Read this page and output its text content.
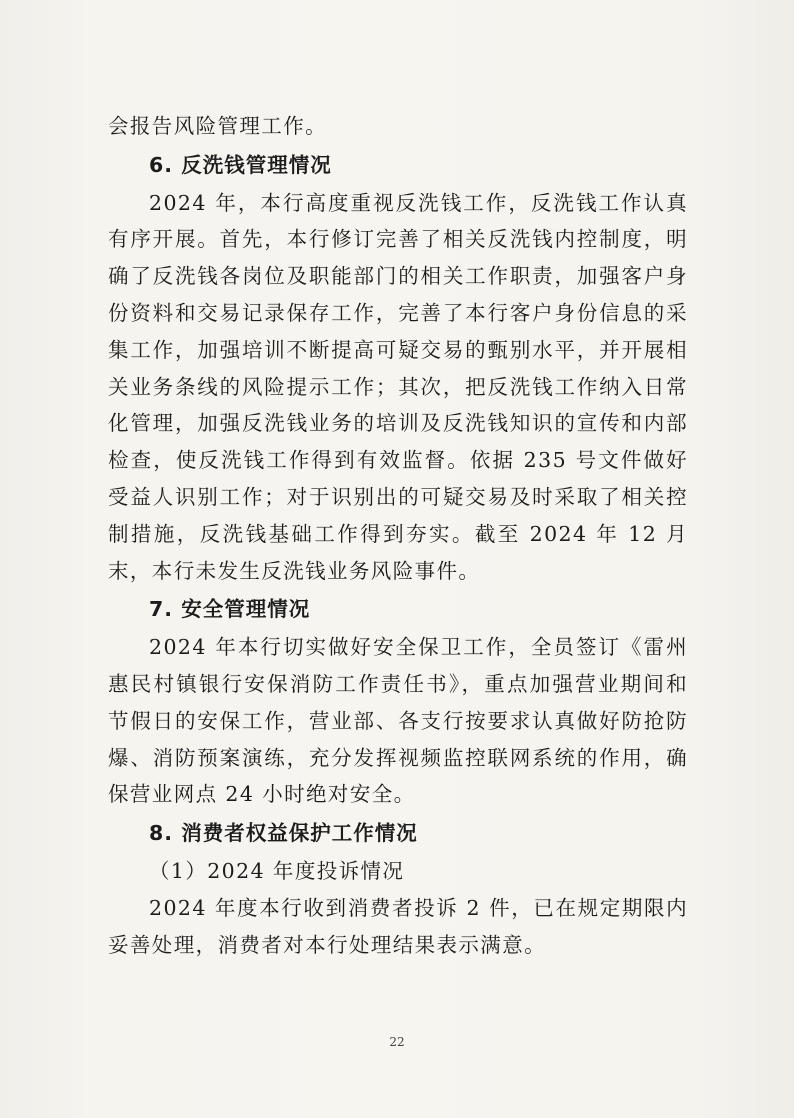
会报告风险管理工作。

6. 反洗钱管理情况

2024 年，本行高度重视反洗钱工作，反洗钱工作认真有序开展。首先，本行修订完善了相关反洗钱内控制度，明确了反洗钱各岗位及职能部门的相关工作职责，加强客户身份资料和交易记录保存工作，完善了本行客户身份信息的采集工作，加强培训不断提高可疑交易的甄别水平，并开展相关业务条线的风险提示工作；其次，把反洗钱工作纳入日常化管理，加强反洗钱业务的培训及反洗钱知识的宣传和内部检查，使反洗钱工作得到有效监督。依据 235 号文件做好受益人识别工作；对于识别出的可疑交易及时采取了相关控制措施，反洗钱基础工作得到夯实。截至 2024 年 12 月末，本行未发生反洗钱业务风险事件。

7. 安全管理情况

2024 年本行切实做好安全保卫工作，全员签订《雷州惠民村镇银行安保消防工作责任书》，重点加强营业期间和节假日的安保工作，营业部、各支行按要求认真做好防抢防爆、消防预案演练，充分发挥视频监控联网系统的作用，确保营业网点 24 小时绝对安全。

8. 消费者权益保护工作情况

（1）2024 年度投诉情况

2024 年度本行收到消费者投诉 2 件，已在规定期限内妥善处理，消费者对本行处理结果表示满意。

22
